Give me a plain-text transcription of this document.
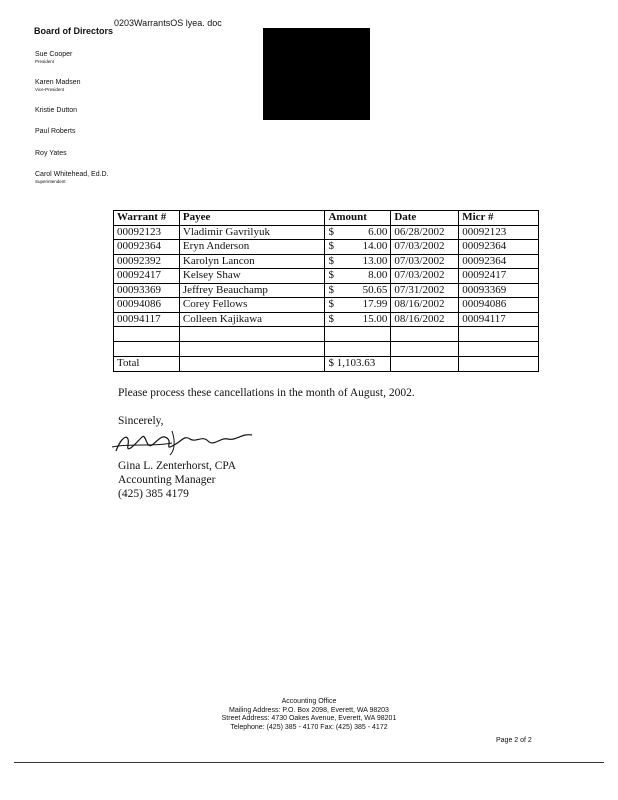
0203WarrantsOS lyea. doc
Board of Directors
Sue Cooper
President
Karen Madsen
Vice-President
Kristie Dutton
Paul Roberts
Roy Yates
Carol Whitehead, Ed.D.
Superintendent
Warrant #	Payee	Amount	Date	Micr #
00092123	Vladimir Gavrilyuk	$ 6.00	06/28/2002	00092123
00092364	Eryn Anderson	$ 14.00	07/03/2002	00092364
00092392	Karolyn Lancon	$ 13.00	07/03/2002	00092364
00092417	Kelsey Shaw	$ 8.00	07/03/2002	00092417
00093369	Jeffrey Beauchamp	$ 50.65	07/31/2002	00093369
00094086	Corey Fellows	$ 17.99	08/16/2002	00094086
00094117	Colleen Kajikawa	$ 15.00	08/16/2002	00094117

Total		$ 1,103.63		
Please process these cancellations in the month of August, 2002.
Sincerely,
Gina L. Zenterhorst, CPA
Accounting Manager
(425) 385 4179
Accounting Office
Mailing Address: P.O. Box 2098, Everett, WA 98203
Street Address: 4730 Oakes Avenue, Everett, WA 98201
Telephone: (425) 385 - 4170 Fax: (425) 385 - 4172
Page 2 of 2
